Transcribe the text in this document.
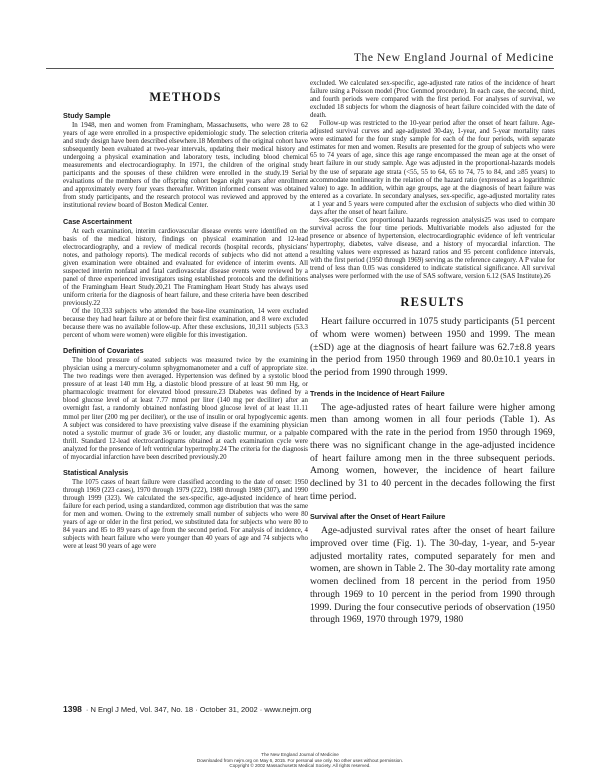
The New England Journal of Medicine
METHODS
Study Sample

In 1948, men and women from Framingham, Massachusetts, who were 28 to 62 years of age were enrolled in a prospective epidemiologic study. The selection criteria and study design have been described elsewhere.18 Members of the original cohort have subsequently been evaluated at two-year intervals, updating their medical history and undergoing a physical examination and laboratory tests, including blood chemical measurements and electrocardiography. In 1971, the children of the original study participants and the spouses of these children were enrolled in the study.19 Serial evaluations of the members of the offspring cohort began eight years after enrollment and approximately every four years thereafter. Written informed consent was obtained from study participants, and the research protocol was reviewed and approved by the institutional review board of Boston Medical Center.

Case Ascertainment

At each examination, interim cardiovascular disease events were identified on the basis of the medical history, findings on physical examination and 12-lead electrocardiography, and a review of medical records (hospital records, physicians' notes, and pathology reports). The medical records of subjects who did not attend a given examination were obtained and evaluated for evidence of interim events. All suspected interim nonfatal and fatal cardiovascular disease events were reviewed by a panel of three experienced investigators using established protocols and the definitions of the Framingham Heart Study.20,21 The Framingham Heart Study has always used uniform criteria for the diagnosis of heart failure, and these criteria have been described previously.22

Of the 10,333 subjects who attended the base-line examination, 14 were excluded because they had heart failure at or before their first examination, and 8 were excluded because there was no available follow-up. After these exclusions, 10,311 subjects (53.3 percent of whom were women) were eligible for this investigation.

Definition of Covariates

The blood pressure of seated subjects was measured twice by the examining physician using a mercury-column sphygmomanometer and a cuff of appropriate size. The two readings were then averaged. Hypertension was defined by a systolic blood pressure of at least 140 mm Hg, a diastolic blood pressure of at least 90 mm Hg, or pharmacologic treatment for elevated blood pressure.23 Diabetes was defined by a blood glucose level of at least 7.77 mmol per liter (140 mg per deciliter) after an overnight fast, a randomly obtained nonfasting blood glucose level of at least 11.11 mmol per liter (200 mg per deciliter), or the use of insulin or oral hypoglycemic agents. A subject was considered to have preexisting valve disease if the examining physician noted a systolic murmur of grade 3/6 or louder, any diastolic murmur, or a palpable thrill. Standard 12-lead electrocardiograms obtained at each examination cycle were analyzed for the presence of left ventricular hypertrophy.24 The criteria for the diagnosis of myocardial infarction have been described previously.20

Statistical Analysis

The 1075 cases of heart failure were classified according to the date of onset: 1950 through 1969 (223 cases), 1970 through 1979 (222), 1980 through 1989 (307), and 1990 through 1999 (323). We calculated the sex-specific, age-adjusted incidence of heart failure for each period, using a standardized, common age distribution that was the same for men and women. Owing to the extremely small number of subjects who were 80 years of age or older in the first period, we substituted data for subjects who were 80 to 84 years and 85 to 89 years of age from the second period. For analysis of incidence, 4 subjects with heart failure who were younger than 40 years of age and 74 subjects who were at least 90 years of age were

excluded. We calculated sex-specific, age-adjusted rate ratios of the incidence of heart failure using a Poisson model (Proc Genmod procedure). In each case, the second, third, and fourth periods were compared with the first period. For analyses of survival, we excluded 18 subjects for whom the diagnosis of heart failure coincided with the date of death.

Follow-up was restricted to the 10-year period after the onset of heart failure. Age-adjusted survival curves and age-adjusted 30-day, 1-year, and 5-year mortality rates were estimated for the four study sample for each of the four periods, with separate estimates for men and women. Results are presented for the group of subjects who were 65 to 74 years of age, since this age range encompassed the mean age at the onset of heart failure in our study sample. Age was adjusted in the proportional-hazards models by the use of separate age strata (<55, 55 to 64, 65 to 74, 75 to 84, and ≥85 years) to accommodate nonlinearity in the relation of the hazard ratio (expressed as a logarithmic value) to age. In addition, within age groups, age at the diagnosis of heart failure was entered as a covariate. In secondary analyses, sex-specific, age-adjusted mortality rates at 1 year and 5 years were computed after the exclusion of subjects who died within 30 days after the onset of heart failure.

Sex-specific Cox proportional hazards regression analysis25 was used to compare survival across the four time periods. Multivariable models also adjusted for the presence or absence of hypertension, electrocardiographic evidence of left ventricular hypertrophy, diabetes, valve disease, and a history of myocardial infarction. The resulting values were expressed as hazard ratios and 95 percent confidence intervals, with the first period (1950 through 1969) serving as the reference category. A P value for trend of less than 0.05 was considered to indicate statistical significance. All survival analyses were performed with the use of SAS software, version 6.12 (SAS Institute).26

RESULTS

Heart failure occurred in 1075 study participants (51 percent of whom were women) between 1950 and 1999. The mean (±SD) age at the diagnosis of heart failure was 62.7±8.8 years in the period from 1950 through 1969 and 80.0±10.1 years in the period from 1990 through 1999.

Trends in the Incidence of Heart Failure

The age-adjusted rates of heart failure were higher among men than among women in all four periods (Table 1). As compared with the rate in the period from 1950 through 1969, there was no significant change in the age-adjusted incidence of heart failure among men in the three subsequent periods. Among women, however, the incidence of heart failure declined by 31 to 40 percent in the decades following the first time period.

Survival after the Onset of Heart Failure

Age-adjusted survival rates after the onset of heart failure improved over time (Fig. 1). The 30-day, 1-year, and 5-year adjusted mortality rates, computed separately for men and women, are shown in Table 2. The 30-day mortality rate among women declined from 18 percent in the period from 1950 through 1969 to 10 percent in the period from 1990 through 1999. During the four consecutive periods of observation (1950 through 1969, 1970 through 1979, 1980

1398 · N Engl J Med, Vol. 347, No. 18 · October 31, 2002 · www.nejm.org
The New England Journal of Medicine
Downloaded from nejm.org on May 6, 2015. For personal use only. No other uses without permission.
Copyright © 2002 Massachusetts Medical Society. All rights reserved.
